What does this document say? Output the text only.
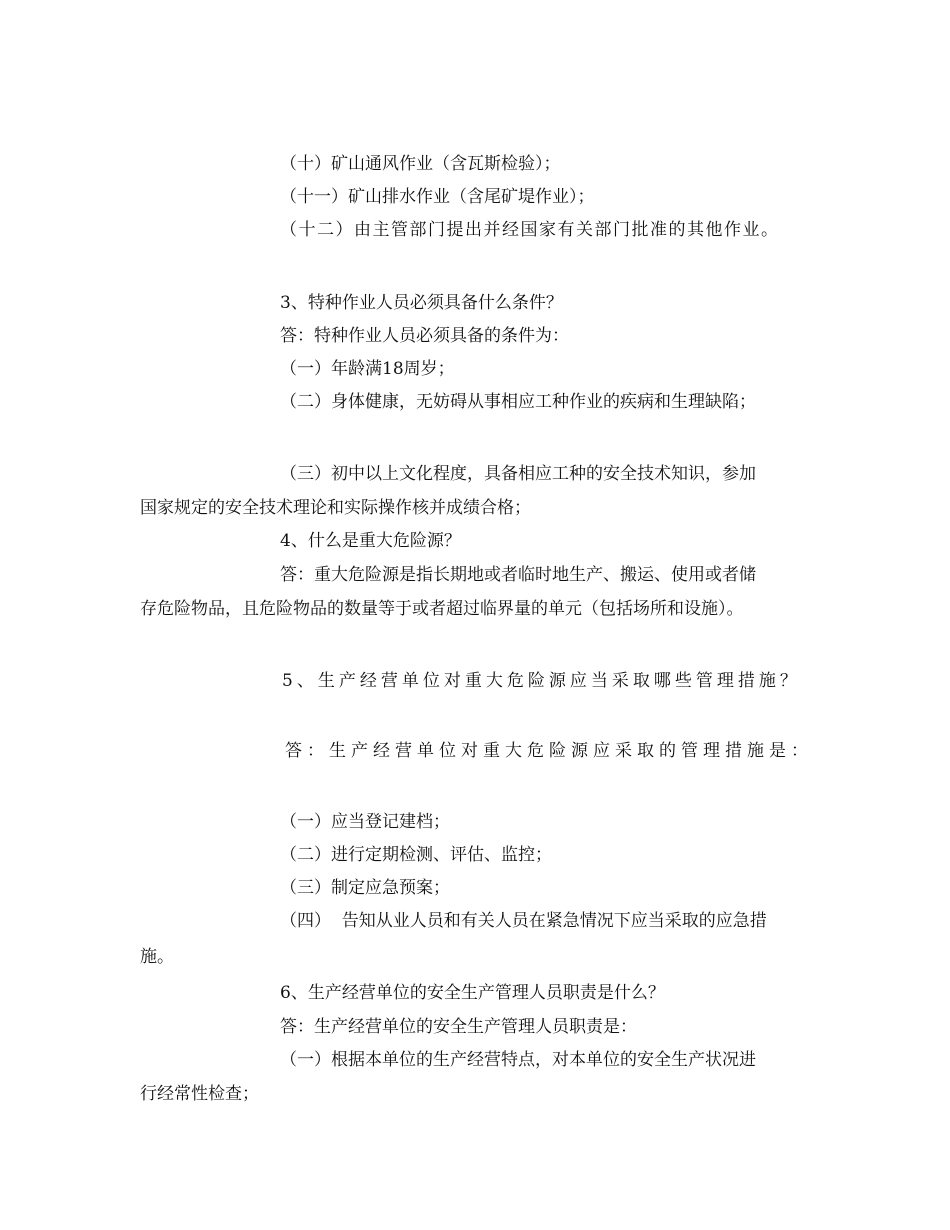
（十）矿山通风作业（含瓦斯检验）；
（十一）矿山排水作业（含尾矿堤作业）；
（十二）由主管部门提出并经国家有关部门批准的其他作业。
3、特种作业人员必须具备什么条件？
答：特种作业人员必须具备的条件为：
（一）年龄满18周岁；
（二）身体健康，无妨碍从事相应工种作业的疾病和生理缺陷；
（三）初中以上文化程度，具备相应工种的安全技术知识，参加
国家规定的安全技术理论和实际操作核并成绩合格；
4、什么是重大危险源？
答：重大危险源是指长期地或者临时地生产、搬运、使用或者储
存危险物品，且危险物品的数量等于或者超过临界量的单元（包括场所和设施）。
5、生产经营单位对重大危险源应当采取哪些管理措施？
答：生产经营单位对重大危险源应采取的管理措施是：
（一）应当登记建档；
（二）进行定期检测、评估、监控；
（三）制定应急预案；
（四）  告知从业人员和有关人员在紧急情况下应当采取的应急措
施。
6、生产经营单位的安全生产管理人员职责是什么？
答：生产经营单位的安全生产管理人员职责是：
（一）根据本单位的生产经营特点，对本单位的安全生产状况进
行经常性检查；
